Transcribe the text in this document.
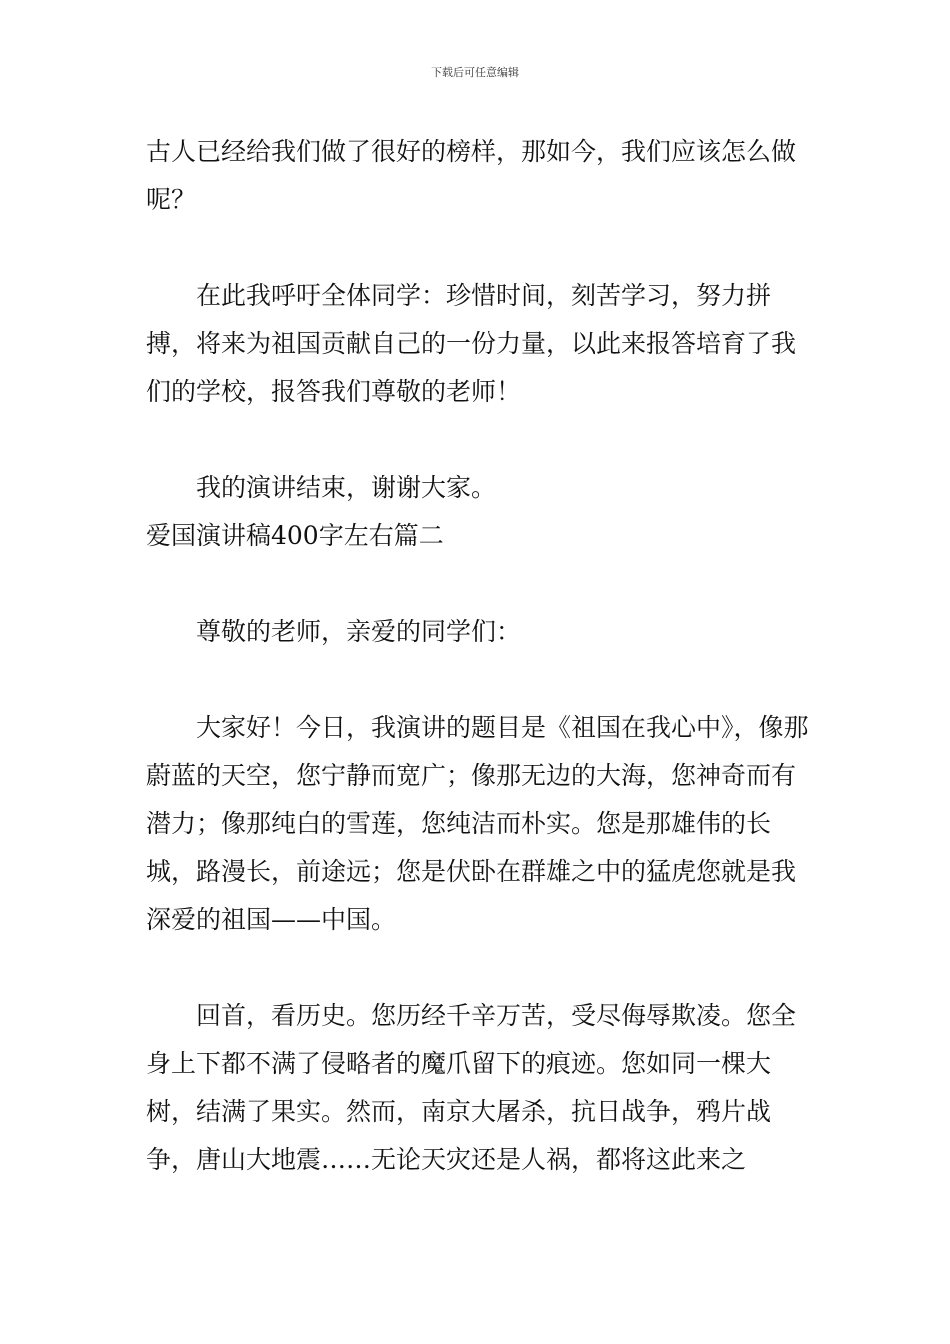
下载后可任意编辑

古人已经给我们做了很好的榜样，那如今，我们应该怎么做呢？

在此我呼吁全体同学：珍惜时间，刻苦学习，努力拼搏，将来为祖国贡献自己的一份力量，以此来报答培育了我们的学校，报答我们尊敬的老师！

我的演讲结束，谢谢大家。

爱国演讲稿400字左右篇二

尊敬的老师，亲爱的同学们：

大家好！今日，我演讲的题目是《祖国在我心中》，像那蔚蓝的天空，您宁静而宽广；像那无边的大海，您神奇而有潜力；像那纯白的雪莲，您纯洁而朴实。您是那雄伟的长城，路漫长，前途远；您是伏卧在群雄之中的猛虎您就是我深爱的祖国——中国。

回首，看历史。您历经千辛万苦，受尽侮辱欺凌。您全身上下都不满了侵略者的魔爪留下的痕迹。您如同一棵大树，结满了果实。然而，南京大屠杀，抗日战争，鸦片战争，唐山大地震……无论天灾还是人祸，都将这此来之
